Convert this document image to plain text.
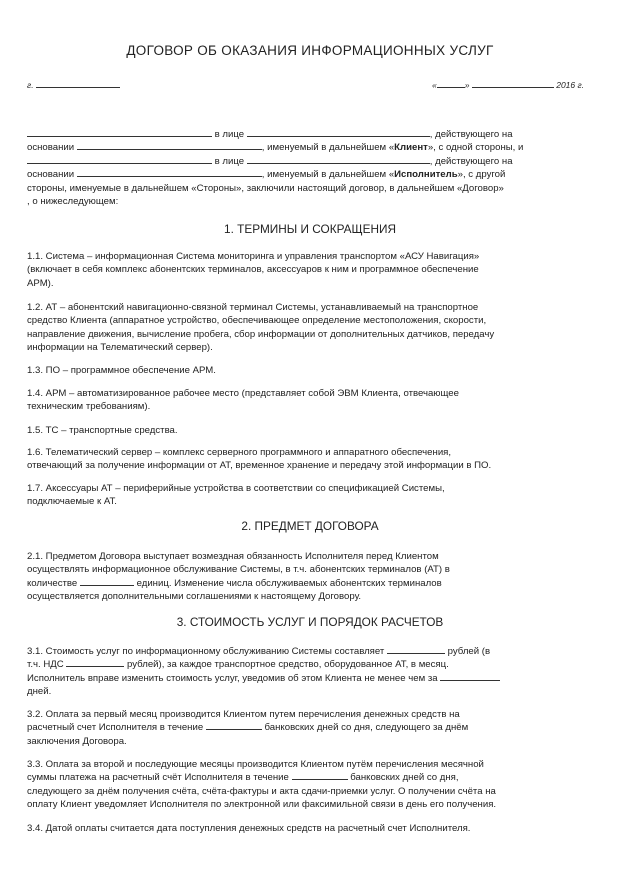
ДОГОВОР ОБ ОКАЗАНИЯ ИНФОРМАЦИОННЫХ УСЛУГ
г.	«	»	2016 г.

в лице	, действующего на

основании	, именуемый в дальнейшем «Клиент», с одной стороны, и

в лице	, действующего на

основании	, именуемый в дальнейшем «Исполнитель», с другой

стороны, именуемые в дальнейшем «Стороны», заключили настоящий договор, в дальнейшем «Договор»

, о нижеследующем:

1. ТЕРМИНЫ И СОКРАЩЕНИЯ

1.1. Система – информационная Система мониторинга и управления транспортом «АСУ Навигация»
(включает в себя комплекс абонентских терминалов, аксессуаров к ним и программное обеспечение
АРМ).

1.2. АТ – абонентский навигационно-связной терминал Системы, устанавливаемый на транспортное
средство Клиента (аппаратное устройство, обеспечивающее определение местоположения, скорости,
направление движения, вычисление пробега, сбор информации от дополнительных датчиков, передачу
информации на Телематический сервер).

1.3. ПО – программное обеспечение АРМ.

1.4. АРМ – автоматизированное рабочее место (представляет собой ЭВМ Клиента, отвечающее
техническим требованиям).

1.5. ТС – транспортные средства.

1.6. Телематический сервер – комплекс серверного программного и аппаратного обеспечения,
отвечающий за получение информации от АТ, временное хранение и передачу этой информации в ПО.

1.7. Аксессуары АТ – периферийные устройства в соответствии со спецификацией Системы,
подключаемые к АТ.

2. ПРЕДМЕТ ДОГОВОРА

2.1. Предметом Договора выступает возмездная обязанность Исполнителя перед Клиентом
осуществлять информационное обслуживание Системы, в т.ч. абонентских терминалов (АТ) в
количестве	единиц. Изменение числа обслуживаемых абонентских терминалов
осуществляется дополнительными соглашениями к настоящему Договору.

3. СТОИМОСТЬ УСЛУГ И ПОРЯДОК РАСЧЕТОВ

3.1. Стоимость услуг по информационному обслуживанию Системы составляет	рублей (в
т.ч. НДС	рублей), за каждое транспортное средство, оборудованное АТ, в месяц.
Исполнитель вправе изменить стоимость услуг, уведомив об этом Клиента не менее чем за
дней.

3.2. Оплата за первый месяц производится Клиентом путем перечисления денежных средств на
расчетный счет Исполнителя в течение	банковских дней со дня, следующего за днём
заключения Договора.

3.3. Оплата за второй и последующие месяцы производится Клиентом путём перечисления месячной
суммы платежа на расчетный счёт Исполнителя в течение	банковских дней со дня,
следующего за днём получения счёта, счёта-фактуры и акта сдачи-приемки услуг. О получении счёта на
оплату Клиент уведомляет Исполнителя по электронной или факсимильной связи в день его получения.

3.4. Датой оплаты считается дата поступления денежных средств на расчетный счет Исполнителя.
